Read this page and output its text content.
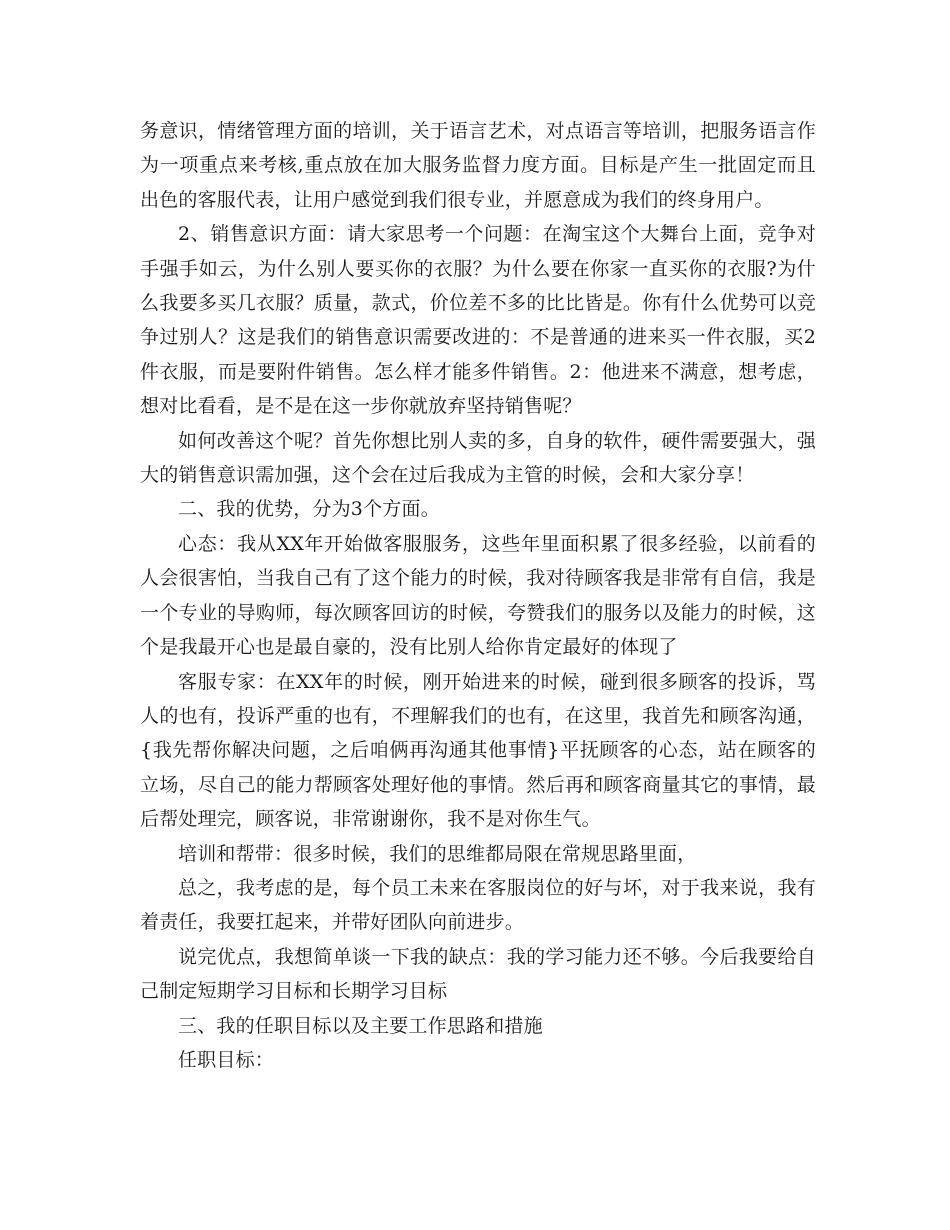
务意识，情绪管理方面的培训，关于语言艺术，对点语言等培训，把服务语言作为一项重点来考核,重点放在加大服务监督力度方面。目标是产生一批固定而且出色的客服代表，让用户感觉到我们很专业，并愿意成为我们的终身用户。

2、销售意识方面：请大家思考一个问题：在淘宝这个大舞台上面，竞争对手强手如云，为什么别人要买你的衣服？为什么要在你家一直买你的衣服?为什么我要多买几衣服？质量，款式，价位差不多的比比皆是。你有什么优势可以竞争过别人？这是我们的销售意识需要改进的：不是普通的进来买一件衣服，买2件衣服，而是要附件销售。怎么样才能多件销售。2：他进来不满意，想考虑，想对比看看，是不是在这一步你就放弃坚持销售呢？

如何改善这个呢？首先你想比别人卖的多，自身的软件，硬件需要强大，强大的销售意识需加强，这个会在过后我成为主管的时候，会和大家分享！

二、我的优势，分为3个方面。

心态：我从XX年开始做客服服务，这些年里面积累了很多经验，以前看的人会很害怕，当我自己有了这个能力的时候，我对待顾客我是非常有自信，我是一个专业的导购师，每次顾客回访的时候，夸赞我们的服务以及能力的时候，这个是我最开心也是最自豪的，没有比别人给你肯定最好的体现了

客服专家：在XX年的时候，刚开始进来的时候，碰到很多顾客的投诉，骂人的也有，投诉严重的也有，不理解我们的也有，在这里，我首先和顾客沟通，{我先帮你解决问题，之后咱俩再沟通其他事情}平抚顾客的心态，站在顾客的立场，尽自己的能力帮顾客处理好他的事情。然后再和顾客商量其它的事情，最后帮处理完，顾客说，非常谢谢你，我不是对你生气。

培训和帮带：很多时候，我们的思维都局限在常规思路里面，

总之，我考虑的是，每个员工未来在客服岗位的好与坏，对于我来说，我有着责任，我要扛起来，并带好团队向前进步。

说完优点，我想简单谈一下我的缺点：我的学习能力还不够。今后我要给自己制定短期学习目标和长期学习目标

三、我的任职目标以及主要工作思路和措施

任职目标：
